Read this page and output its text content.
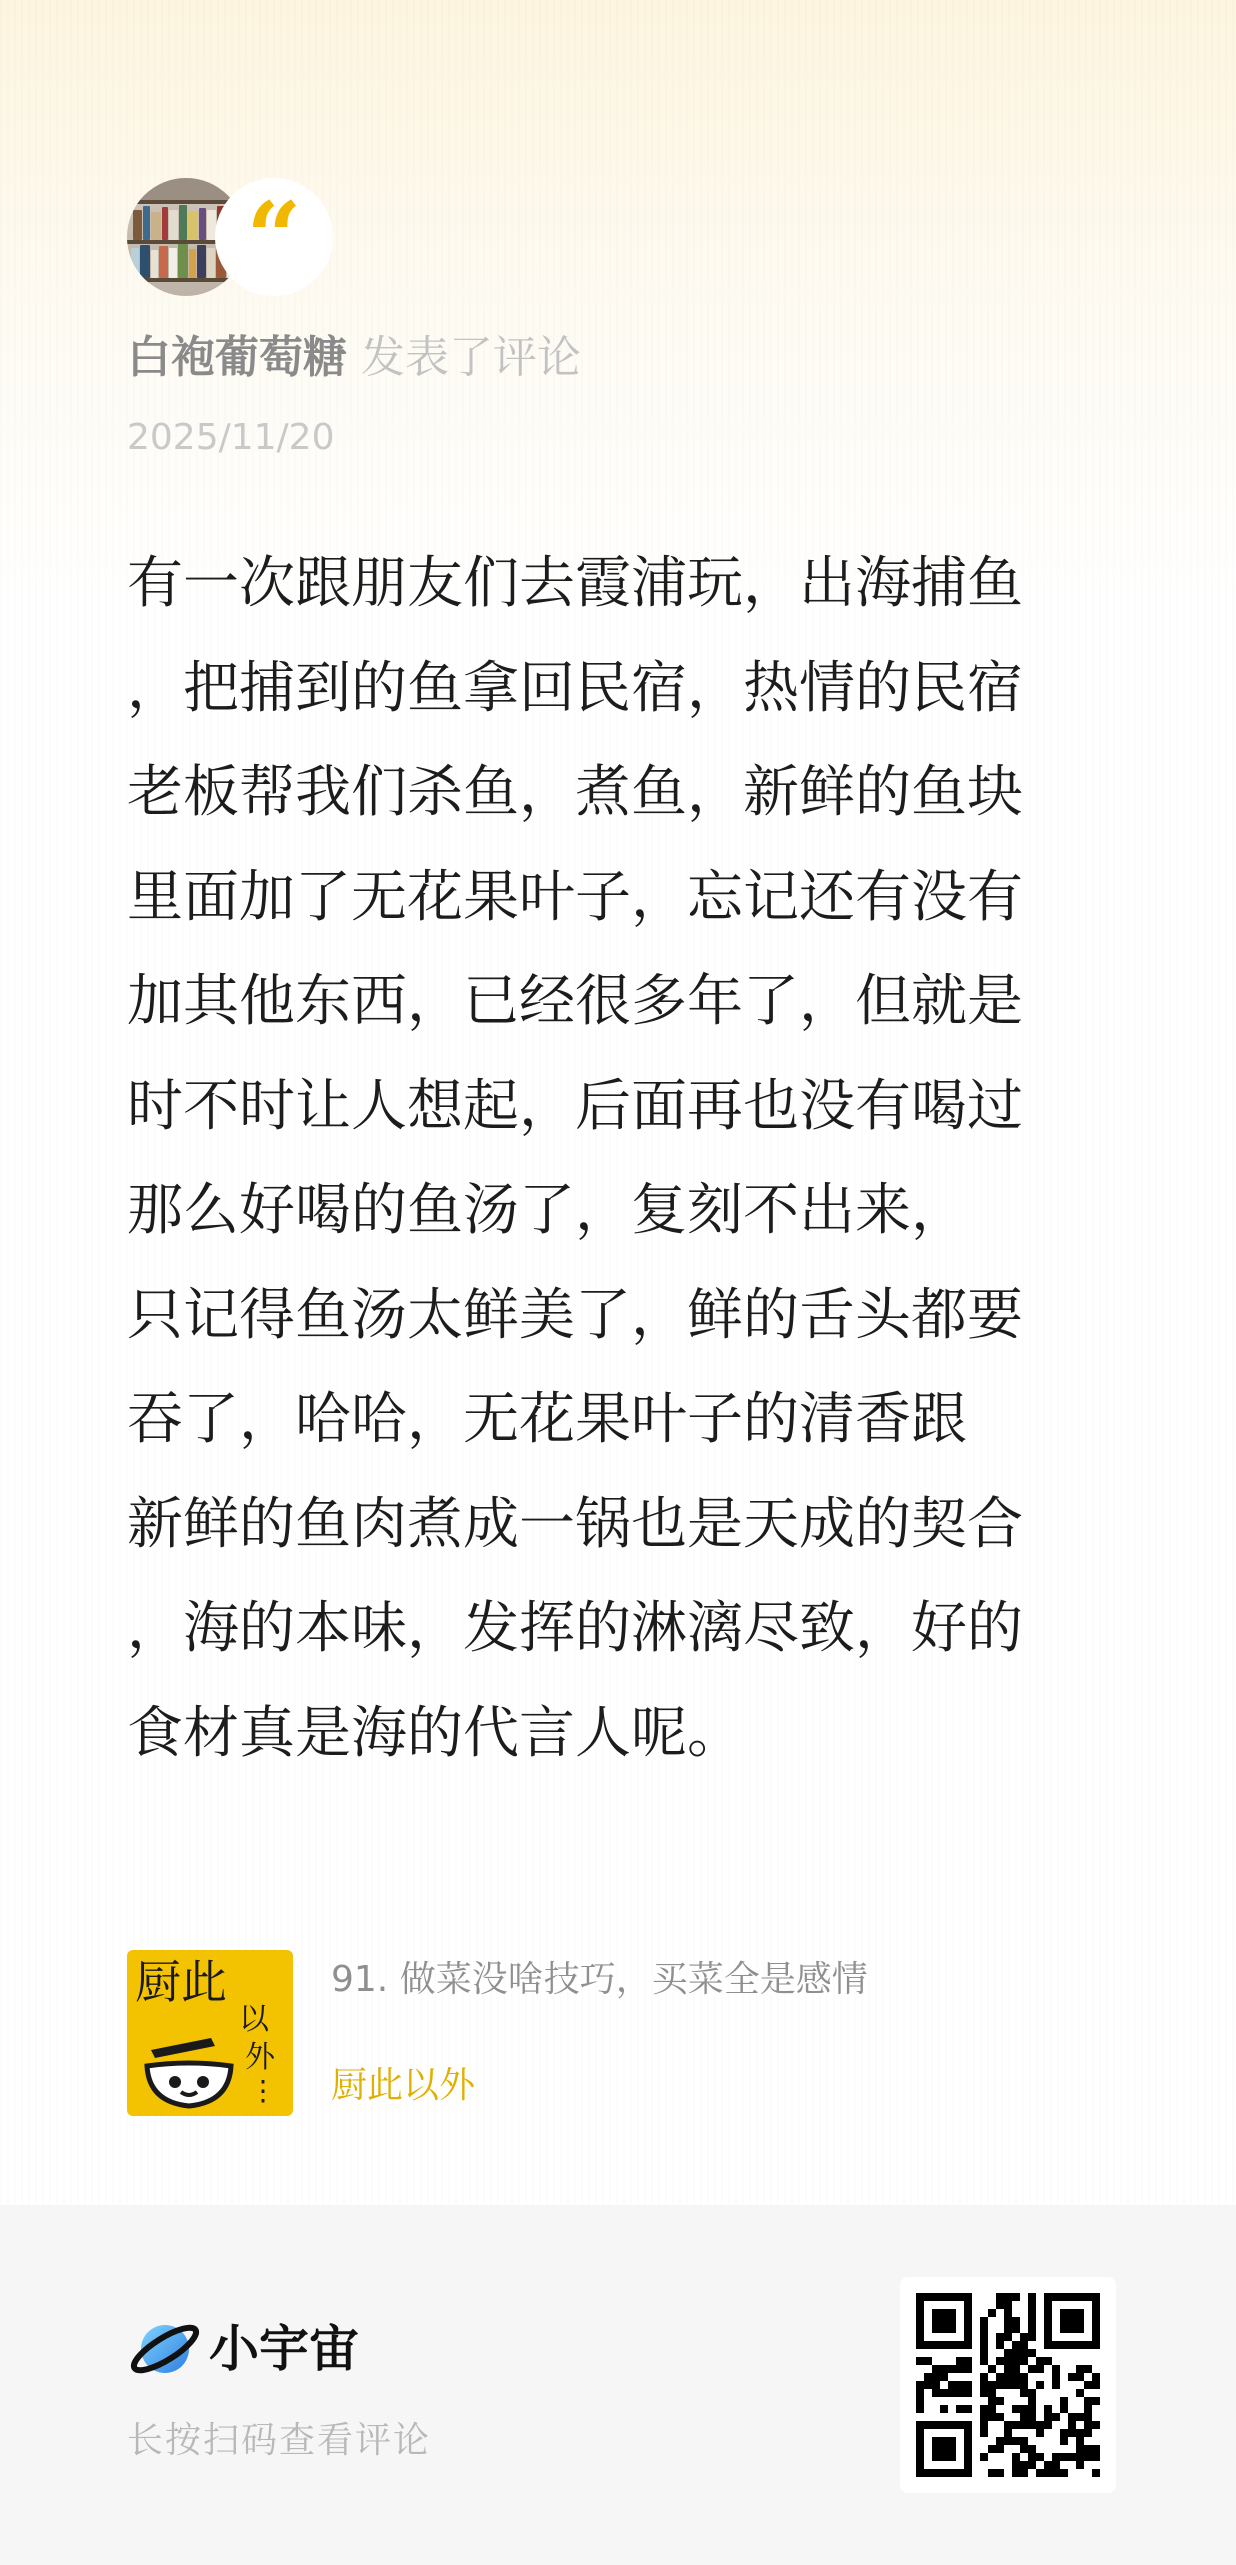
“
白袍葡萄糖 发表了评论
2025/11/20
有一次跟朋友们去霞浦玩，出海捕鱼
，把捕到的鱼拿回民宿，热情的民宿
老板帮我们杀鱼，煮鱼，新鲜的鱼块
里面加了无花果叶子，忘记还有没有
加其他东西，已经很多年了，但就是
时不时让人想起，后面再也没有喝过
那么好喝的鱼汤了，复刻不出来，
只记得鱼汤太鲜美了，鲜的舌头都要
吞了，哈哈，无花果叶子的清香跟
新鲜的鱼肉煮成一锅也是天成的契合
，海的本味，发挥的淋漓尽致，好的
食材真是海的代言人呢。
厨此
以
外
⋮
91. 做菜没啥技巧，买菜全是感情
厨此以外
小宇宙
长按扫码查看评论
